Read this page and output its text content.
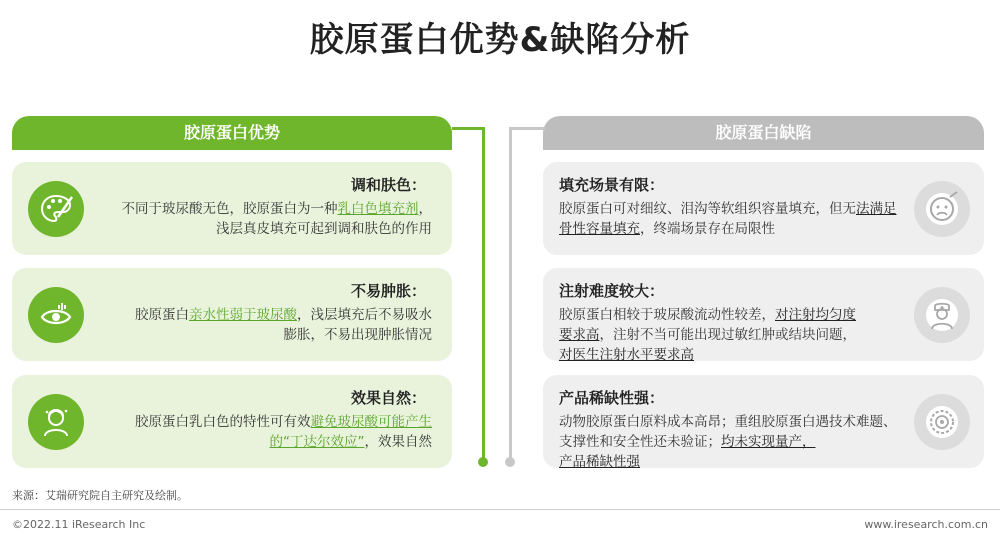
胶原蛋白优势&缺陷分析
胶原蛋白优势	胶原蛋白缺陷
调和肤色：
不同于玻尿酸无色，胶原蛋白为一种乳白色填充剂，
浅层真皮填充可起到调和肤色的作用
不易肿胀：
胶原蛋白亲水性弱于玻尿酸，浅层填充后不易吸水
膨胀，不易出现肿胀情况
效果自然：
胶原蛋白乳白色的特性可有效避免玻尿酸可能产生
的“丁达尔效应”，效果自然
填充场景有限：
胶原蛋白可对细纹、泪沟等软组织容量填充，但无法满足骨性容量填充，终端场景存在局限性
注射难度较大：
胶原蛋白相较于玻尿酸流动性较差，对注射均匀度
要求高，注射不当可能出现过敏红肿或结块问题，
对医生注射水平要求高
产品稀缺性强：
动物胶原蛋白原料成本高昂；重组胶原蛋白遇技术难题、支撑性和安全性还未验证；均未实现量产，
产品稀缺性强
来源：艾瑞研究院自主研究及绘制。
©2022.11 iResearch Inc	www.iresearch.com.cn
